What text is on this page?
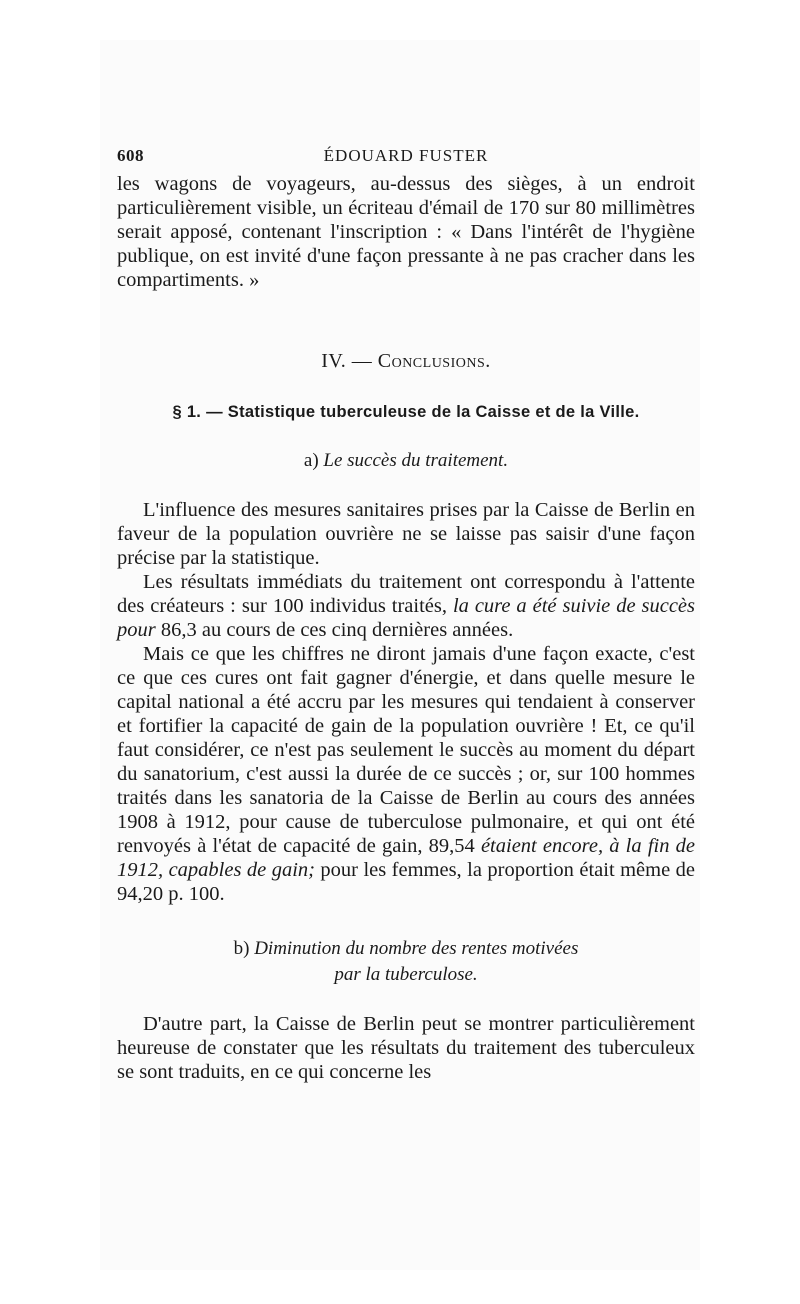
608	ÉDOUARD FUSTER

les wagons de voyageurs, au-dessus des sièges, à un endroit particulièrement visible, un écriteau d'émail de 170 sur 80 millimètres serait apposé, contenant l'inscription : « Dans l'intérêt de l'hygiène publique, on est invité d'une façon pressante à ne pas cracher dans les compartiments. »

IV. — Conclusions.
§ 1. — Statistique tuberculeuse de la Caisse et de la Ville.
a) Le succès du traitement.

L'influence des mesures sanitaires prises par la Caisse de Berlin en faveur de la population ouvrière ne se laisse pas saisir d'une façon précise par la statistique.

Les résultats immédiats du traitement ont correspondu à l'attente des créateurs : sur 100 individus traités, la cure a été suivie de succès pour 86,3 au cours de ces cinq dernières années.

Mais ce que les chiffres ne diront jamais d'une façon exacte, c'est ce que ces cures ont fait gagner d'énergie, et dans quelle mesure le capital national a été accru par les mesures qui tendaient à conserver et fortifier la capacité de gain de la population ouvrière ! Et, ce qu'il faut considérer, ce n'est pas seulement le succès au moment du départ du sanatorium, c'est aussi la durée de ce succès ; or, sur 100 hommes traités dans les sanatoria de la Caisse de Berlin au cours des années 1908 à 1912, pour cause de tuberculose pulmonaire, et qui ont été renvoyés à l'état de capacité de gain, 89,54 étaient encore, à la fin de 1912, capables de gain; pour les femmes, la proportion était même de 94,20 p. 100.

b) Diminution du nombre des rentes motivées
par la tuberculose.

D'autre part, la Caisse de Berlin peut se montrer particulièrement heureuse de constater que les résultats du traitement des tuberculeux se sont traduits, en ce qui concerne les
